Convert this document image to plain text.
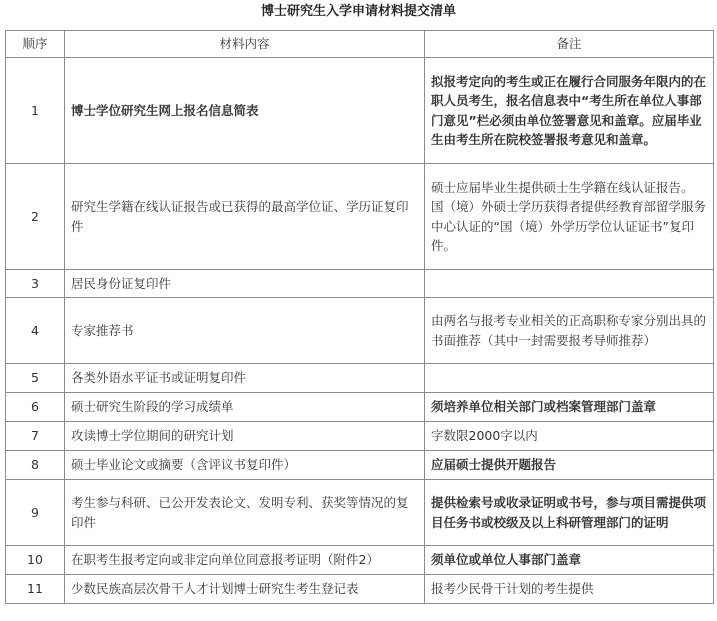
博士研究生入学申请材料提交清单
顺序	材料内容	备注
1	博士学位研究生网上报名信息简表	拟报考定向的考生或正在履行合同服务年限内的在职人员考生，报名信息表中“考生所在单位人事部门意见”栏必须由单位签署意见和盖章。应届毕业生由考生所在院校签署报考意见和盖章。
2	研究生学籍在线认证报告或已获得的最高学位证、学历证复印件	硕士应届毕业生提供硕士生学籍在线认证报告。
国（境）外硕士学历获得者提供经教育部留学服务中心认证的“国（境）外学历学位认证证书”复印件。

3	居民身份证复印件	
4	专家推荐书	由两名与报考专业相关的正高职称专家分别出具的书面推荐（其中一封需要报考导师推荐）
5	各类外语水平证书或证明复印件	
6	硕士研究生阶段的学习成绩单	须培养单位相关部门或档案管理部门盖章
7	攻读博士学位期间的研究计划	字数限2000字以内
8	硕士毕业论文或摘要（含评议书复印件）	应届硕士提供开题报告
9	考生参与科研、已公开发表论文、发明专利、获奖等情况的复印件	提供检索号或收录证明或书号，参与项目需提供项目任务书或校级及以上科研管理部门的证明
10	在职考生报考定向或非定向单位同意报考证明（附件2）	须单位或单位人事部门盖章
11	少数民族高层次骨干人才计划博士研究生考生登记表	报考少民骨干计划的考生提供
